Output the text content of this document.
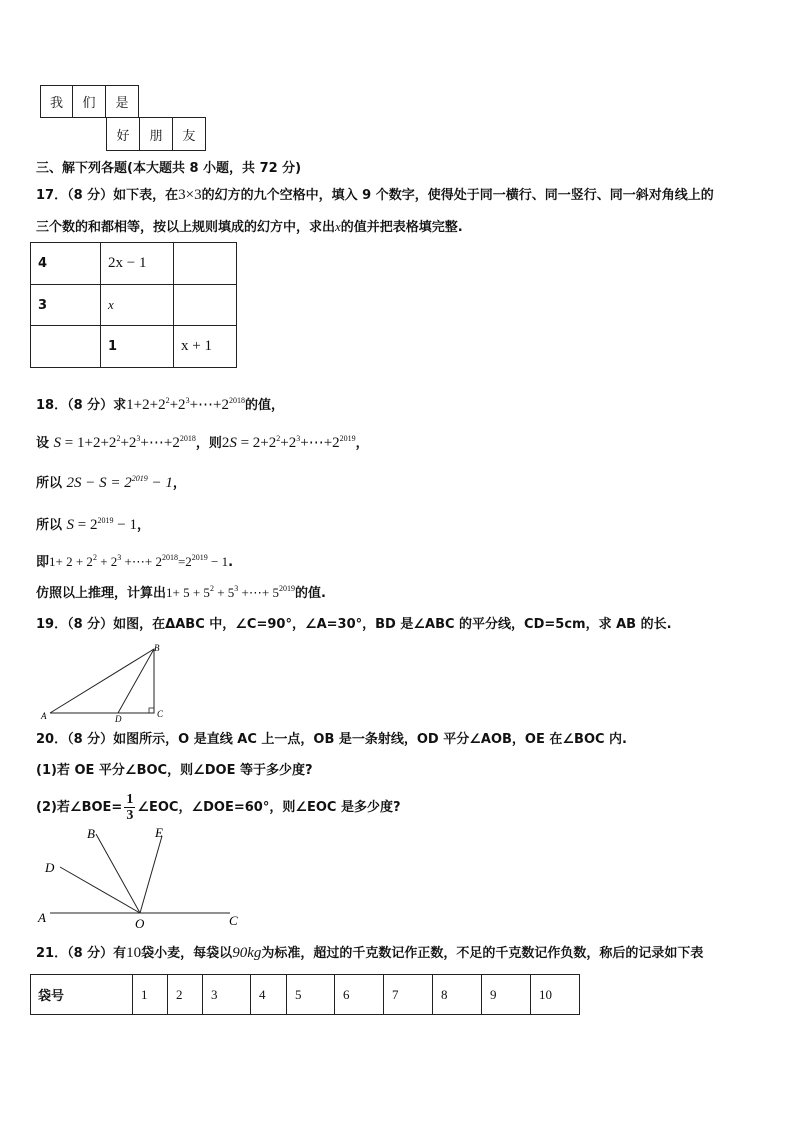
我	们	是
好	朋	友
三、解下列各题(本大题共 8 小题，共 72 分)
17．（8 分）如下表，在3×3的幻方的九个空格中，填入 9 个数字，使得处于同一横行、同一竖行、同一斜对角线上的
三个数的和都相等，按以上规则填成的幻方中，求出x的值并把表格填完整.
4	2x − 1	
3	x	
	1	x + 1
18．（8 分）求$1+2+2^2+2^3+\cdots+2^{2018}$的值，
设 $S = 1+2+2^2+2^3+\cdots+2^{2018}$，则$2S = 2+2^2+2^3+\cdots+2^{2019}$，
所以 $2S - S = 2^{2019} - 1$，
所以 $S = 2^{2019} - 1$，
即$1+ 2 + 2^2 + 2^3$ +⋯+ $2^{2018}=2^{2019} - 1$.
仿照以上推理，计算出$1+ 5 + 5^2 + 5^3$ +⋯+ $5^{2019}$的值.
19．（8 分）如图，在ΔABC 中，∠C=90°，∠A=30°，BD 是∠ABC 的平分线，CD=5cm，求 AB 的长.
A
B
C
D
20．（8 分）如图所示，O 是直线 AC 上一点，OB 是一条射线，OD 平分∠AOB，OE 在∠BOC 内.
(1)若 OE 平分∠BOC，则∠DOE 等于多少度?
(2)若∠BOE= $\frac{1}{3}$ ∠EOC，∠DOE=60°，则∠EOC 是多少度?
A
B
C
D
E
O
21．（8 分）有10袋小麦，每袋以90kg为标准，超过的千克数记作正数，不足的千克数记作负数，称后的记录如下表
袋号	1	2	3	4	5	6	7	8	9	10
